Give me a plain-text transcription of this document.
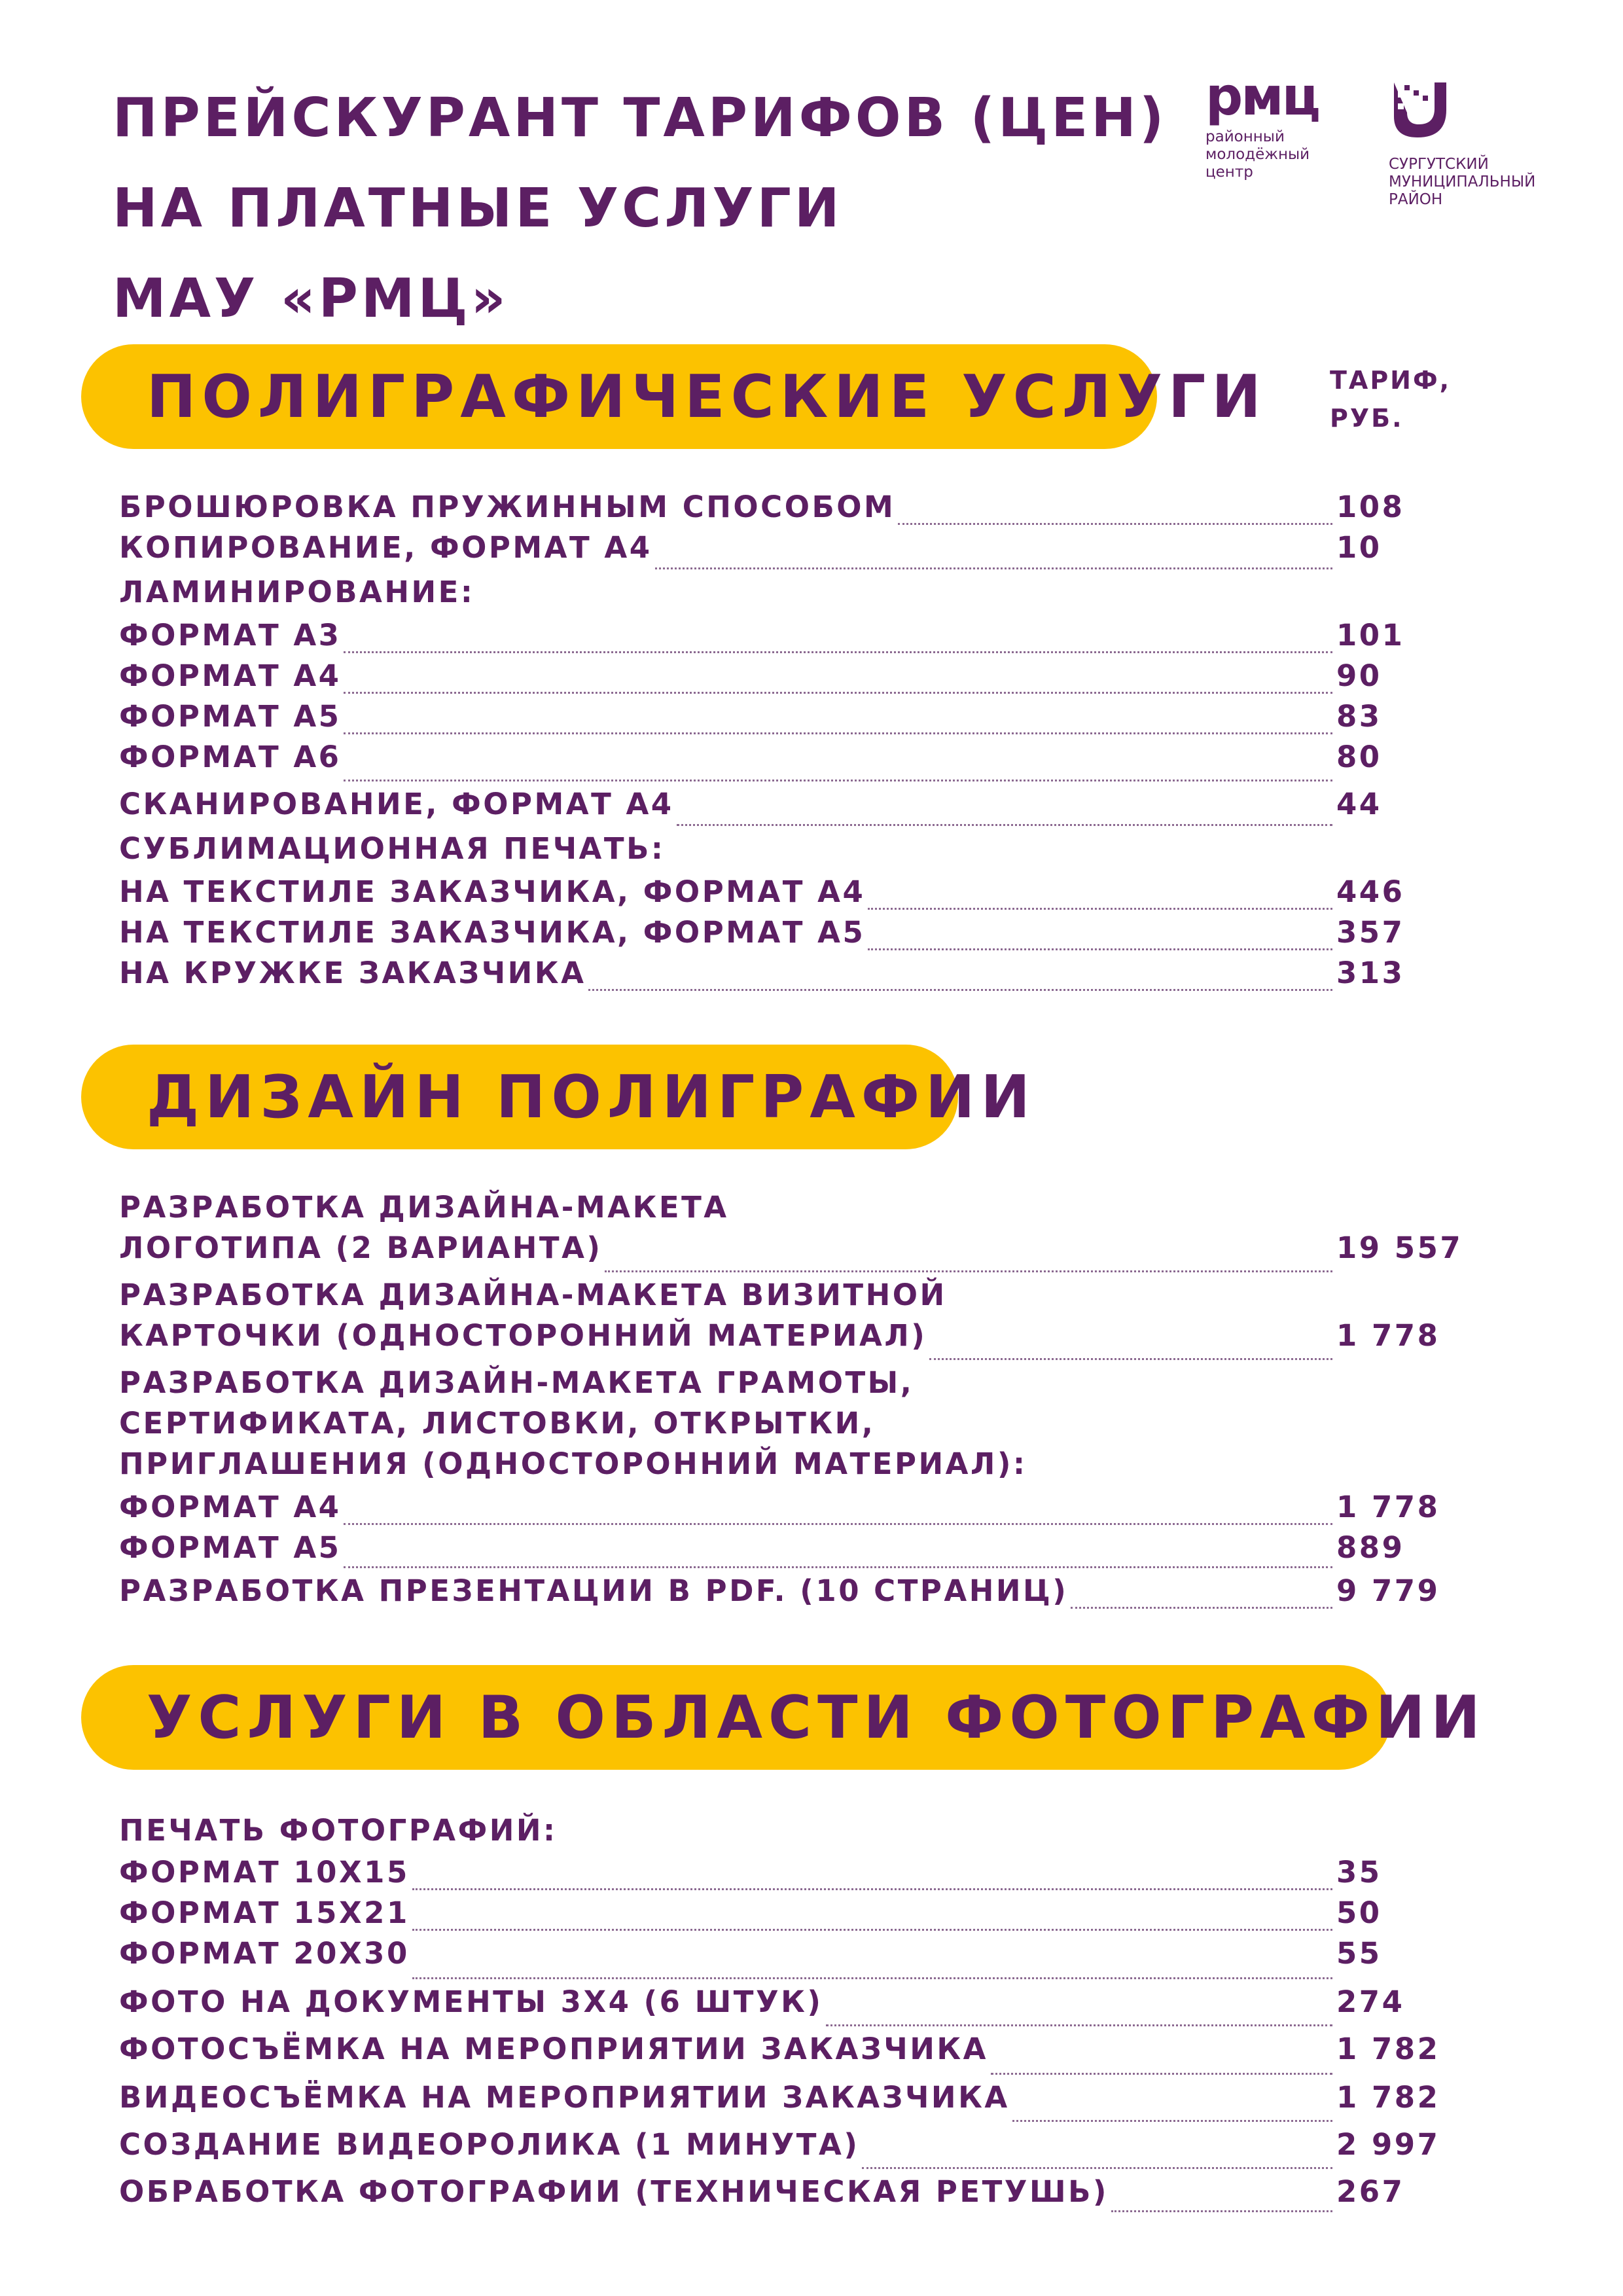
ПРЕЙСКУРАНТ ТАРИФОВ (ЦЕН)
НА ПЛАТНЫЕ УСЛУГИ
МАУ «РМЦ»
рмц
районный
молодёжный
центр	СУРГУТСКИЙ
МУНИЦИПАЛЬНЫЙ
РАЙОН
ТАРИФ,
РУБ.
ПОЛИГРАФИЧЕСКИЕ УСЛУГИ
БРОШЮРОВКА ПРУЖИННЫМ СПОСОБОМ	108
КОПИРОВАНИЕ, ФОРМАТ А4	10
ЛАМИНИРОВАНИЕ:
ФОРМАТ А3	101
ФОРМАТ А4	90
ФОРМАТ А5	83
ФОРМАТ А6	80
СКАНИРОВАНИЕ, ФОРМАТ А4	44
СУБЛИМАЦИОННАЯ ПЕЧАТЬ:
НА ТЕКСТИЛЕ ЗАКАЗЧИКА, ФОРМАТ А4	446
НА ТЕКСТИЛЕ ЗАКАЗЧИКА, ФОРМАТ А5	357
НА КРУЖКЕ ЗАКАЗЧИКА	313
ДИЗАЙН ПОЛИГРАФИИ
РАЗРАБОТКА ДИЗАЙНА-МАКЕТА
ЛОГОТИПА (2 ВАРИАНТА)	19 557
РАЗРАБОТКА ДИЗАЙНА-МАКЕТА ВИЗИТНОЙ
КАРТОЧКИ (ОДНОСТОРОННИЙ МАТЕРИАЛ)	1 778
РАЗРАБОТКА ДИЗАЙН-МАКЕТА ГРАМОТЫ,
СЕРТИФИКАТА, ЛИСТОВКИ, ОТКРЫТКИ,
ПРИГЛАШЕНИЯ (ОДНОСТОРОННИЙ МАТЕРИАЛ):
ФОРМАТ А4	1 778
ФОРМАТ А5	889
РАЗРАБОТКА ПРЕЗЕНТАЦИИ В PDF. (10 СТРАНИЦ)	9 779
УСЛУГИ В ОБЛАСТИ ФОТОГРАФИИ
ПЕЧАТЬ ФОТОГРАФИЙ:
ФОРМАТ 10Х15	35
ФОРМАТ 15Х21	50
ФОРМАТ 20Х30	55
ФОТО НА ДОКУМЕНТЫ 3Х4 (6 ШТУК)	274
ФОТОСЪЁМКА НА МЕРОПРИЯТИИ ЗАКАЗЧИКА	1 782
ВИДЕОСЪЁМКА НА МЕРОПРИЯТИИ ЗАКАЗЧИКА	1 782
СОЗДАНИЕ ВИДЕОРОЛИКА (1 МИНУТА)	2 997
ОБРАБОТКА ФОТОГРАФИИ (ТЕХНИЧЕСКАЯ РЕТУШЬ)	267
